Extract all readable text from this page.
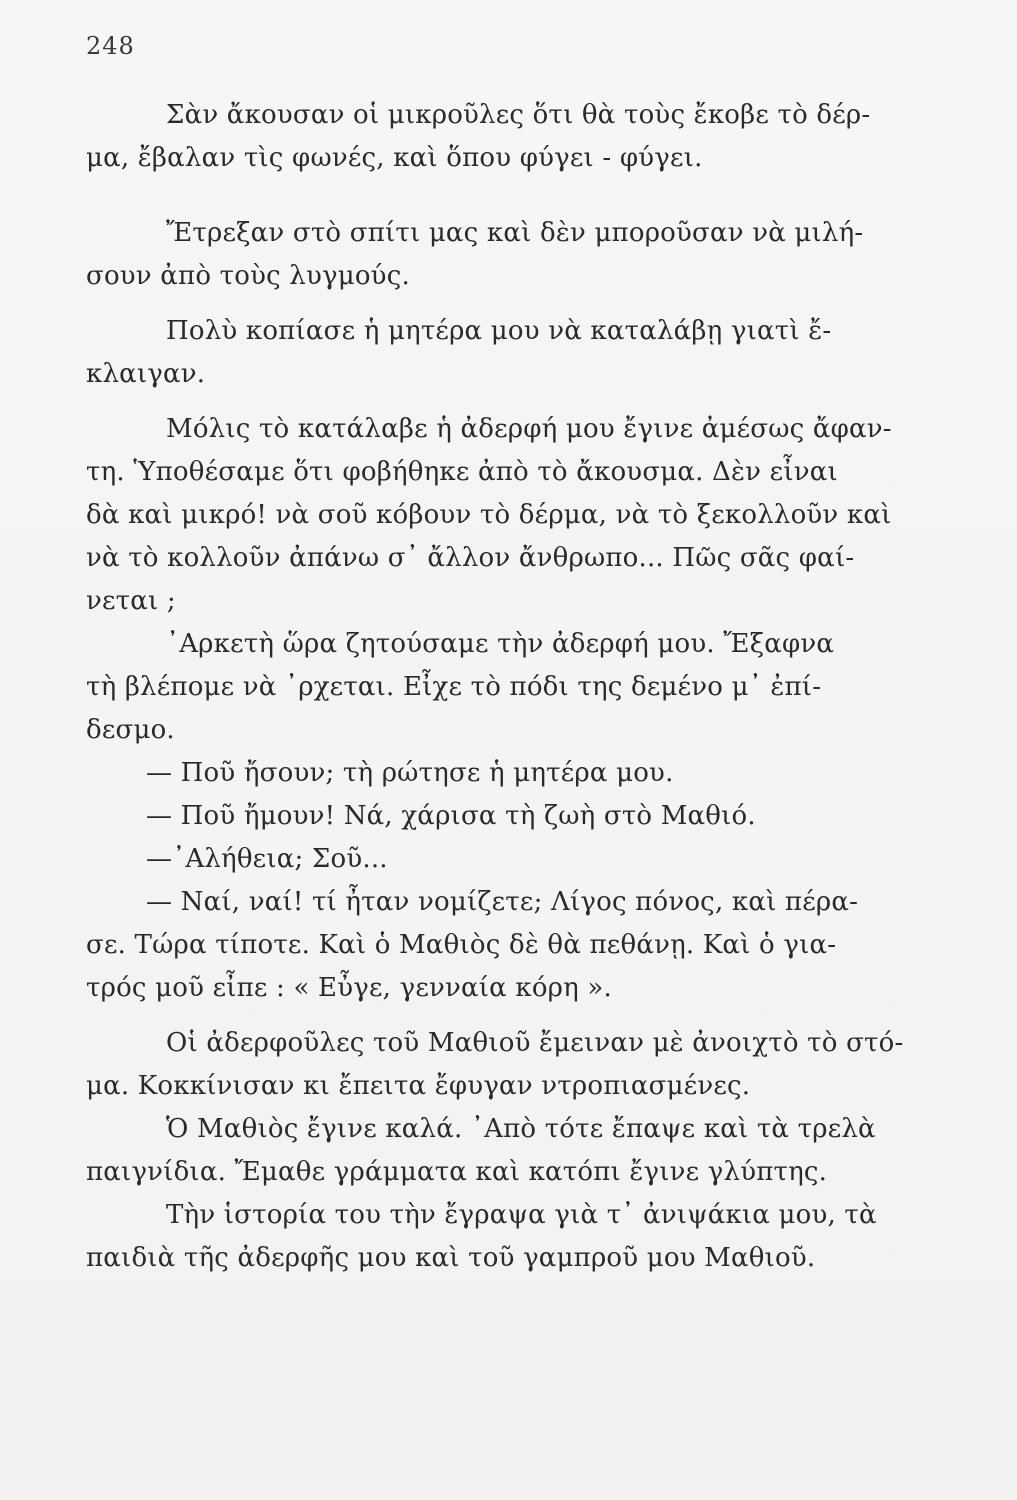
248
Σὰν ἄκουσαν οἱ μικροῦλες ὅτι θὰ τοὺς ἔκοβε τὸ δέρ-
μα, ἔβαλαν τὶς φωνές, καὶ ὅπου φύγει - φύγει.
Ἔτρεξαν στὸ σπίτι μας καὶ δὲν μποροῦσαν νὰ μιλή-
σουν ἀπὸ τοὺς λυγμούς.
Πολὺ κοπίασε ἡ μητέρα μου νὰ καταλάβῃ γιατὶ ἔ-
κλαιγαν.
Μόλις τὸ κατάλαβε ἡ ἀδερφή μου ἔγινε ἀμέσως ἄφαν-
τη. Ὑποθέσαμε ὅτι φοβήθηκε ἀπὸ τὸ ἄκουσμα. Δὲν εἶναι
δὰ καὶ μικρό! νὰ σοῦ κόβουν τὸ δέρμα, νὰ τὸ ξεκολλοῦν καὶ
νὰ τὸ κολλοῦν ἀπάνω σ᾿ ἄλλον ἄνθρωπο... Πῶς σᾶς φαί-
νεται ;
᾿Αρκετὴ ὥρα ζητούσαμε τὴν ἀδερφή μου. Ἔξαφνα
τὴ βλέπομε νὰ ᾿ρχεται. Εἶχε τὸ πόδι της δεμένο μ᾿ ἐπί-
δεσμο.
— Ποῦ ἤσουν; τὴ ρώτησε ἡ μητέρα μου.
— Ποῦ ἤμουν! Νά, χάρισα τὴ ζωὴ στὸ Μαθιό.
—᾿Αλήθεια; Σοῦ...
— Ναί, ναί! τί ἦταν νομίζετε; Λίγος πόνος, καὶ πέρα-
σε. Τώρα τίποτε. Καὶ ὁ Μαθιὸς δὲ θὰ πεθάνῃ. Καὶ ὁ για-
τρός μοῦ εἶπε : « Εὖγε, γενναία κόρη ».
Οἱ ἀδερφοῦλες τοῦ Μαθιοῦ ἔμειναν μὲ ἀνοιχτὸ τὸ στό-
μα. Κοκκίνισαν κι ἔπειτα ἔφυγαν ντροπιασμένες.
Ὁ Μαθιὸς ἔγινε καλά. ᾿Απὸ τότε ἔπαψε καὶ τὰ τρελὰ
παιγνίδια. Ἔμαθε γράμματα καὶ κατόπι ἔγινε γλύπτης.
Τὴν ἱστορία του τὴν ἔγραψα γιὰ τ᾿ ἀνιψάκια μου, τὰ
παιδιὰ τῆς ἀδερφῆς μου καὶ τοῦ γαμπροῦ μου Μαθιοῦ.
